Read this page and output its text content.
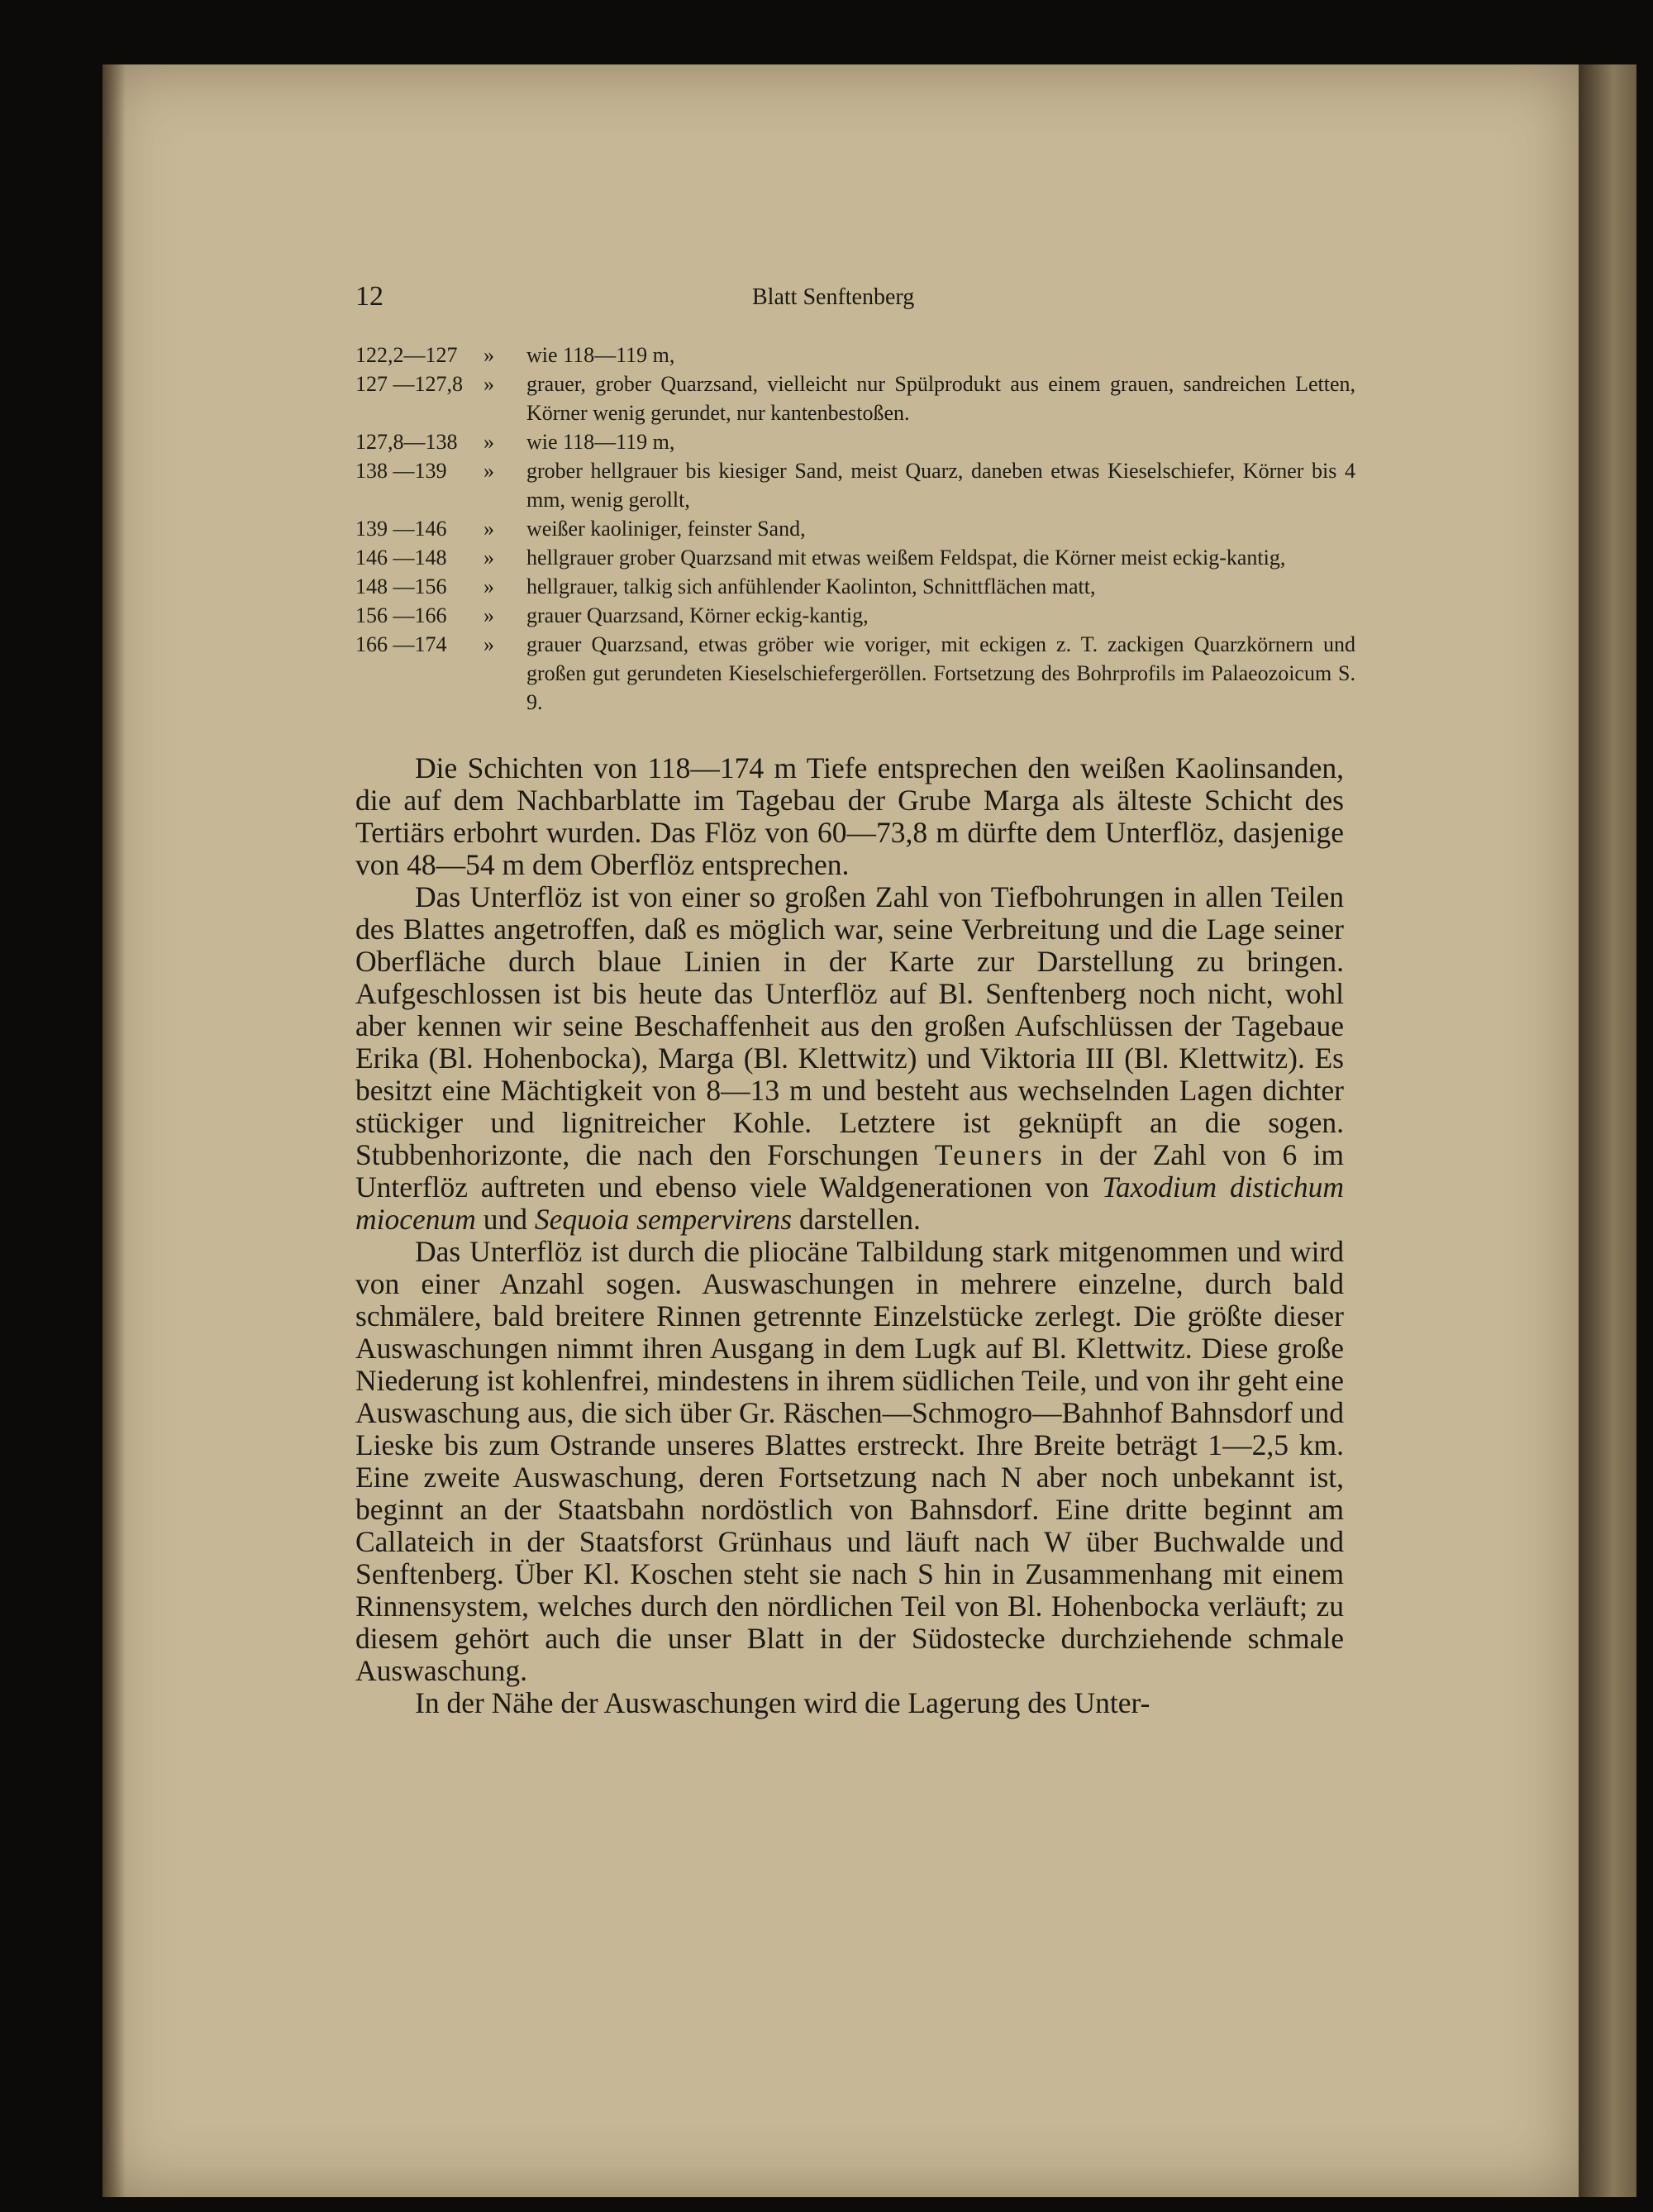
12	Blatt Senftenberg
122,2—127	»	wie 118—119 m,
127 —127,8 »	grauer, grober Quarzsand, vielleicht nur Spülprodukt aus einem grauen, sandreichen Letten, Körner wenig gerundet, nur kantenbestoßen.
127,8—138	»	wie 118—119 m,
138 —139	»	grober hellgrauer bis kiesiger Sand, meist Quarz, daneben etwas Kieselschiefer, Körner bis 4 mm, wenig gerollt,
139 —146	»	weißer kaoliniger, feinster Sand,
146 —148	»	hellgrauer grober Quarzsand mit etwas weißem Feldspat, die Körner meist eckig-kantig,
148 —156	»	hellgrauer, talkig sich anfühlender Kaolinton, Schnittflächen matt,
156 —166	»	grauer Quarzsand, Körner eckig-kantig,
166 —174	»	grauer Quarzsand, etwas gröber wie voriger, mit eckigen z. T. zackigen Quarzkörnern und großen gut gerundeten Kieselschiefergeröllen. Fortsetzung des Bohrprofils im Palaeozoicum S. 9.

Die Schichten von 118—174 m Tiefe entsprechen den weißen Kaolinsanden, die auf dem Nachbarblatte im Tagebau der Grube Marga als älteste Schicht des Tertiärs erbohrt wurden. Das Flöz von 60—73,8 m dürfte dem Unterflöz, dasjenige von 48—54 m dem Oberflöz entsprechen.

Das Unterflöz ist von einer so großen Zahl von Tiefbohrungen in allen Teilen des Blattes angetroffen, daß es möglich war, seine Verbreitung und die Lage seiner Oberfläche durch blaue Linien in der Karte zur Darstellung zu bringen. Aufgeschlossen ist bis heute das Unterflöz auf Bl. Senftenberg noch nicht, wohl aber kennen wir seine Beschaffenheit aus den großen Aufschlüssen der Tagebaue Erika (Bl. Hohenbocka), Marga (Bl. Klettwitz) und Viktoria III (Bl. Klettwitz). Es besitzt eine Mächtigkeit von 8—13 m und besteht aus wechselnden Lagen dichter stückiger und lignitreicher Kohle. Letztere ist geknüpft an die sogen. Stubbenhorizonte, die nach den Forschungen Teuners in der Zahl von 6 im Unterflöz auftreten und ebenso viele Waldgenerationen von Taxodium distichum miocenum und Sequoia sempervirens darstellen.

Das Unterflöz ist durch die pliocäne Talbildung stark mitgenommen und wird von einer Anzahl sogen. Auswaschungen in mehrere einzelne, durch bald schmälere, bald breitere Rinnen getrennte Einzelstücke zerlegt. Die größte dieser Auswaschungen nimmt ihren Ausgang in dem Lugk auf Bl. Klettwitz. Diese große Niederung ist kohlenfrei, mindestens in ihrem südlichen Teile, und von ihr geht eine Auswaschung aus, die sich über Gr. Räschen—Schmogro—Bahnhof Bahnsdorf und Lieske bis zum Ostrande unseres Blattes erstreckt. Ihre Breite beträgt 1—2,5 km. Eine zweite Auswaschung, deren Fortsetzung nach N aber noch unbekannt ist, beginnt an der Staatsbahn nordöstlich von Bahnsdorf. Eine dritte beginnt am Callateich in der Staatsforst Grünhaus und läuft nach W über Buchwalde und Senftenberg. Über Kl. Koschen steht sie nach S hin in Zusammenhang mit einem Rinnensystem, welches durch den nördlichen Teil von Bl. Hohenbocka verläuft; zu diesem gehört auch die unser Blatt in der Südostecke durchziehende schmale Auswaschung.

In der Nähe der Auswaschungen wird die Lagerung des Unter-
